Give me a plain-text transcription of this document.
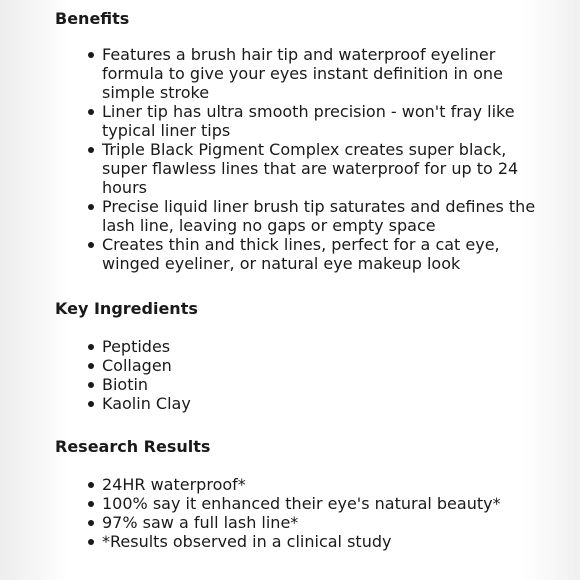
Benefits
Features a brush hair tip and waterproof eyeliner formula to give your eyes instant definition in one simple stroke
Liner tip has ultra smooth precision - won't fray like typical liner tips
Triple Black Pigment Complex creates super black, super flawless lines that are waterproof for up to 24 hours
Precise liquid liner brush tip saturates and defines the lash line, leaving no gaps or empty space
Creates thin and thick lines, perfect for a cat eye, winged eyeliner, or natural eye makeup look
Key Ingredients
Peptides
Collagen
Biotin
Kaolin Clay
Research Results
24HR waterproof*
100% say it enhanced their eye's natural beauty*
97% saw a full lash line*
*Results observed in a clinical study
